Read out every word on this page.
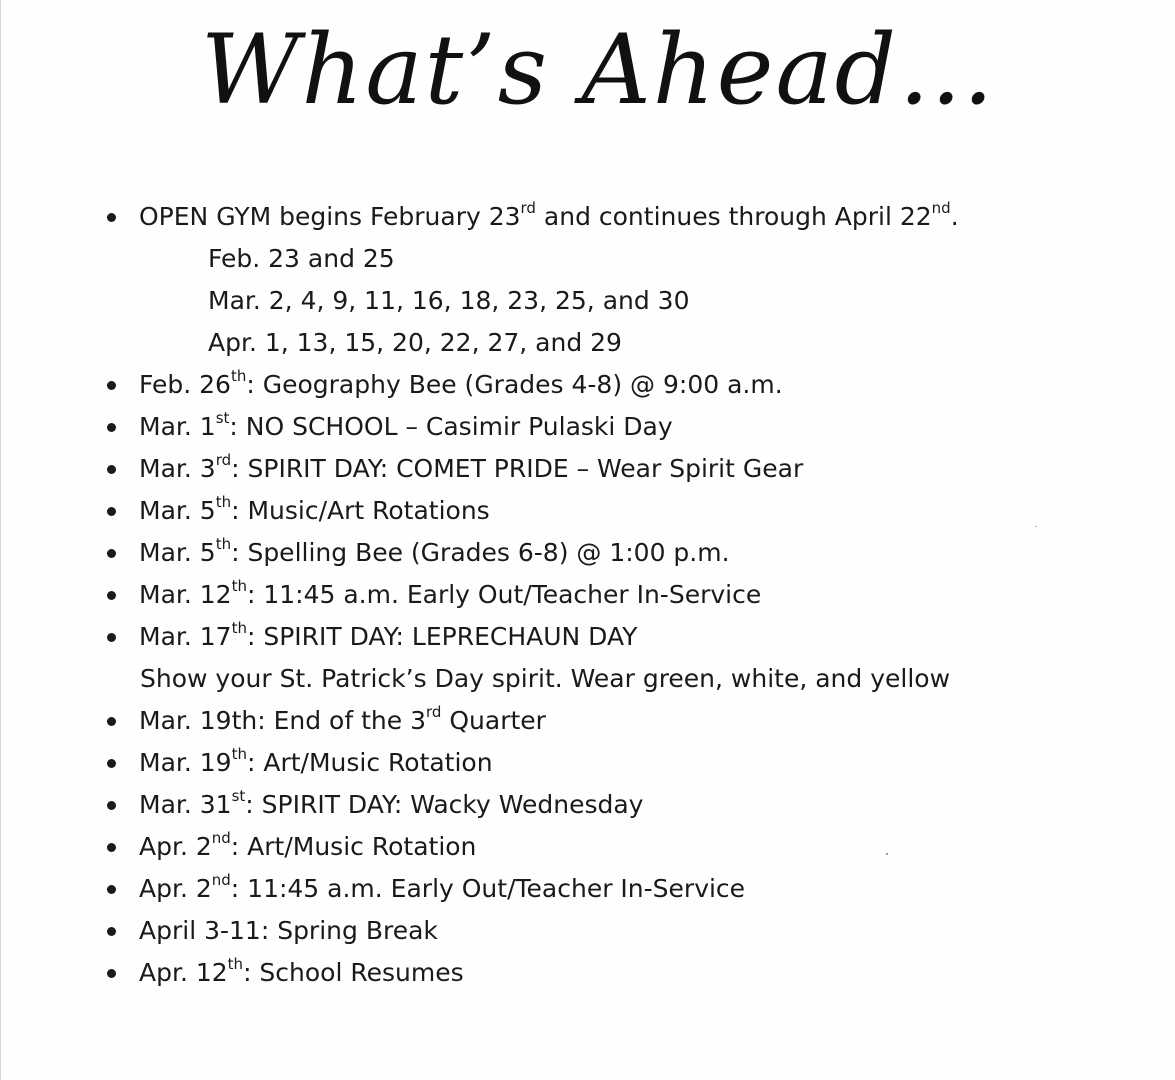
What’s Ahead…
OPEN GYM begins February 23rd and continues through April 22nd.
Feb. 23 and 25
Mar. 2, 4, 9, 11, 16, 18, 23, 25, and 30
Apr. 1, 13, 15, 20, 22, 27, and 29
Feb. 26th: Geography Bee (Grades 4-8) @ 9:00 a.m.
Mar. 1st: NO SCHOOL – Casimir Pulaski Day
Mar. 3rd: SPIRIT DAY: COMET PRIDE – Wear Spirit Gear
Mar. 5th: Music/Art Rotations
Mar. 5th: Spelling Bee (Grades 6-8) @ 1:00 p.m.
Mar. 12th: 11:45 a.m. Early Out/Teacher In-Service
Mar. 17th: SPIRIT DAY: LEPRECHAUN DAY
Show your St. Patrick’s Day spirit. Wear green, white, and yellow
Mar. 19th: End of the 3rd Quarter
Mar. 19th: Art/Music Rotation
Mar. 31st: SPIRIT DAY: Wacky Wednesday
Apr. 2nd: Art/Music Rotation
Apr. 2nd: 11:45 a.m. Early Out/Teacher In-Service
April 3-11: Spring Break
Apr. 12th: School Resumes
